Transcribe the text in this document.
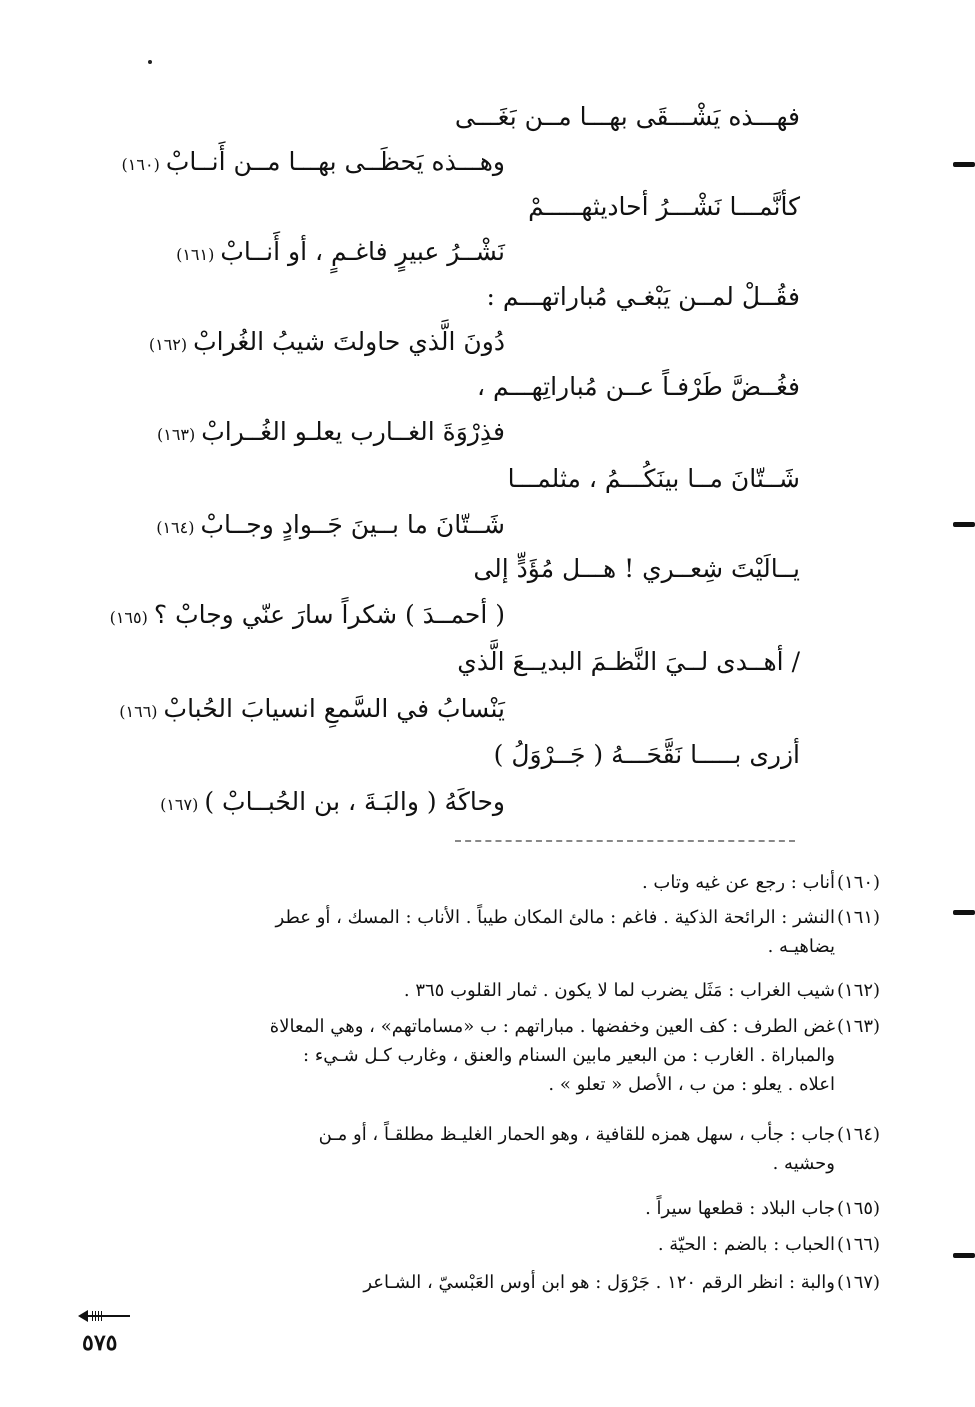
فهـــذه يَشْـــقَى بهـــا مــن بَغَـــى
وهـــذه يَحظَــى بهـــا مــن أَنــابْ(١٦٠)
كأنَّمـــا نَشْـــرُ أحاديثهـــــمْ
نَشْــرُ عبيرٍ فاغـمٍ ، أو أَنــابْ(١٦١)
فقُــلْ لمــن يَبْغـي مُباراتهـــم :
دُونَ الَّذي حاولتَ شيبُ الغُرابْ(١٦٢)
فغُــضَّ طَرْفـاً عــن مُباراتِهـــم ،
فذِرْوَةَ الغــارب يعلـو الغُــرابْ(١٦٣)
شَــتّانَ مــا بينَكُـــمُ ، مثلمـــا
شَــتّانَ ما بــينَ جَــوادٍ وجــابْ(١٦٤)
يــالَيْتَ شِعــري ! هـــل مُؤَدٍّ إلى
( أحمــدَ ) شكراً سارَ عنّي وجابْ ؟(١٦٥)
/ أهــدى لــيَ النَّظـمَ البديــعَ الَّذي
يَنْسابُ في السَّمعِ انسيابَ الحُبابْ(١٦٦)
أزرى بـــــا نَقَّحَـــهُ ( جَــرْوَلُ )
وحاكَهُ ( والبَـةَ ، بن الحُبــابْ )(١٦٧)
(١٦٠)
أناب : رجع عن غيه وتاب .
(١٦١)
النشر : الرائحة الذكية . فاغم : مالئ المكان طيباً . الأناب : المسك ، أو عطر
يضاهيـه .
(١٦٢)
شيب الغراب : مَثَل يضرب لما لا يكون . ثمار القلوب ٣٦٥ .
(١٦٣)
غض الطرف : كف العين وخفضها . مباراتهم : ب «مساماتهم» ، وهي المعالاة
والمباراة . الغارب : من البعير مابين السنام والعنق ، وغارب كـل شـيء :
اعلاه . يعلو : من ب ، الأصل « تعلو » .
(١٦٤)
جاب : جأب ، سهل همزه للقافية ، وهو الحمار الغليـظ مطلقـاً ، أو مـن
وحشيه .
(١٦٥)
جاب البلاد : قطعها سيراً .
(١٦٦)
الحباب : بالضم : الحيّة .
(١٦٧)
والبة : انظر الرقم ١٢٠ . جَرْوَل : هو ابن أوس العَبْسيّ ، الشـاعر
٥٧٥
